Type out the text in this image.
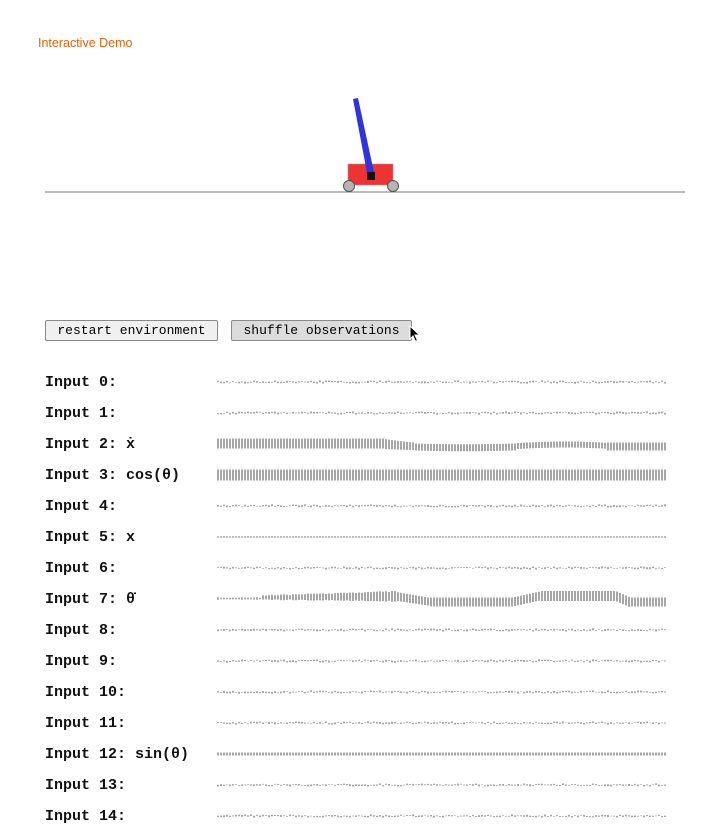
Interactive Demo
restart environment	shuffle observations
Input 0:
Input 1:
Input 2: ẋ
Input 3: cos(θ)
Input 4:
Input 5: x
Input 6:
Input 7: θ̇
Input 8:
Input 9:
Input 10:
Input 11:
Input 12: sin(θ)
Input 13:
Input 14:
